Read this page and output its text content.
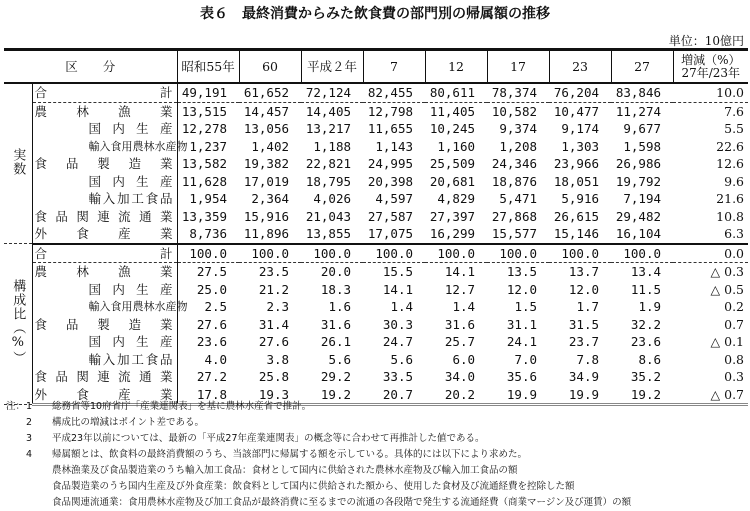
表６　最終消費からみた飲食費の部門別の帰属額の推移
単位：10億円
区　　分		昭和55年	60	平成２年	7	12	17	23	27	増減（%）
27年/23年

実数	合計	49,191	61,652	72,124	82,455	80,611	78,374	76,204	83,846	10.0

	農林漁業	13,515	14,457	14,405	12,798	11,405	10,582	10,477	11,274	7.6

	国内生産	12,278	13,056	13,217	11,655	10,245	9,374	9,174	9,677	5.5

	輸入食用農林水産物	1,237	1,402	1,188	1,143	1,160	1,208	1,303	1,598	22.6

	食品製造業	13,582	19,382	22,821	24,995	25,509	24,346	23,966	26,986	12.6

	国内生産	11,628	17,019	18,795	20,398	20,681	18,876	18,051	19,792	9.6

	輸入加工食品	1,954	2,364	4,026	4,597	4,829	5,471	5,916	7,194	21.6

	食品関連流通業	13,359	15,916	21,043	27,587	27,397	27,868	26,615	29,482	10.8

	外食産業	8,736	11,896	13,855	17,075	16,299	15,577	15,146	16,104	6.3
構成比（%）	合計	100.0	100.0	100.0	100.0	100.0	100.0	100.0	100.0	0.0

	農林漁業	27.5	23.5	20.0	15.5	14.1	13.5	13.7	13.4	△ 0.3

	国内生産	25.0	21.2	18.3	14.1	12.7	12.0	12.0	11.5	△ 0.5

	輸入食用農林水産物	2.5	2.3	1.6	1.4	1.4	1.5	1.7	1.9	0.2

	食品製造業	27.6	31.4	31.6	30.3	31.6	31.1	31.5	32.2	0.7

	国内生産	23.6	27.6	26.1	24.7	25.7	24.1	23.7	23.6	△ 0.1

	輸入加工食品	4.0	3.8	5.6	5.6	6.0	7.0	7.8	8.6	0.8

	食品関連流通業	27.2	25.8	29.2	33.5	34.0	35.6	34.9	35.2	0.3

	外食産業	17.8	19.3	19.2	20.7	20.2	19.9	19.9	19.2	△ 0.7
注： 1	総務省等10府省庁「産業連関表」を基に農林水産省で推計。
2	構成比の増減はポイント差である。
3	平成23年以前については、最新の「平成27年産業連関表」の概念等に合わせて再推計した値である。
4	帰属額とは、飲食料の最終消費額のうち、当該部門に帰属する額を示している。具体的には以下により求めた。
農林漁業及び食品製造業のうち輸入加工食品：食材として国内に供給された農林水産物及び輸入加工食品の額
食品製造業のうち国内生産及び外食産業：飲食料として国内に供給された額から、使用した食材及び流通経費を控除した額
食品関連流通業：食用農林水産物及び加工食品が最終消費に至るまでの流通の各段階で発生する流通経費（商業マージン及び運賃）の額
